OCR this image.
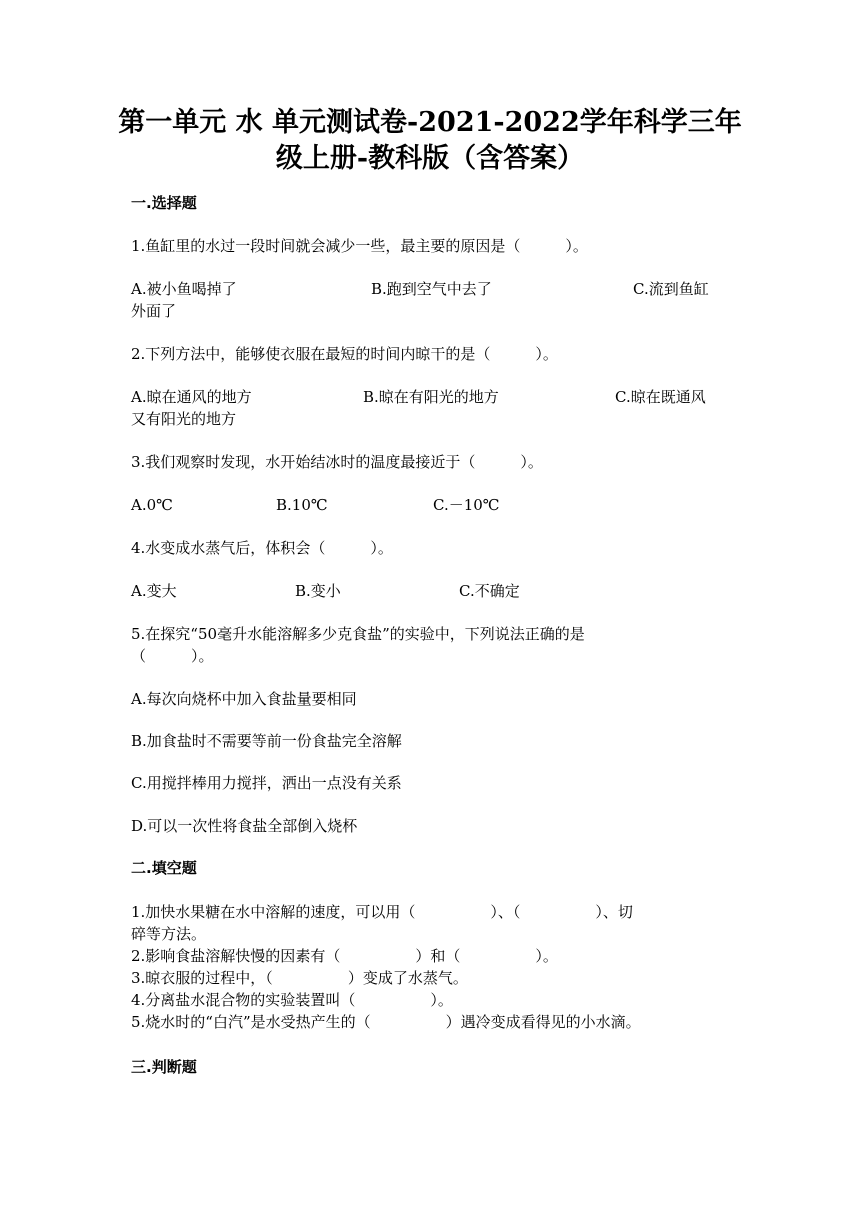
第一单元 水 单元测试卷-2021-2022学年科学三年
级上册-教科版（含答案）
一.选择题

1.鱼缸里的水过一段时间就会减少一些，最主要的原因是（　　　）。

A.被小鱼喝掉了	B.跑到空气中去了	C.流到鱼缸

外面了

2.下列方法中，能够使衣服在最短的时间内晾干的是（　　　）。

A.晾在通风的地方	B.晾在有阳光的地方	C.晾在既通风

又有阳光的地方

3.我们观察时发现，水开始结冰时的温度最接近于（　　　）。

A.0℃	B.10℃	C.－10℃

4.水变成水蒸气后，体积会（　　　）。

A.变大	B.变小	C.不确定

5.在探究“50毫升水能溶解多少克食盐”的实验中，下列说法正确的是

（　　　）。

A.每次向烧杯中加入食盐量要相同

B.加食盐时不需要等前一份食盐完全溶解

C.用搅拌棒用力搅拌，洒出一点没有关系

D.可以一次性将食盐全部倒入烧杯

二.填空题

1.加快水果糖在水中溶解的速度，可以用（　　　　　）、（　　　　　）、切

碎等方法。

2.影响食盐溶解快慢的因素有（　　　　　）和（　　　　　）。

3.晾衣服的过程中，（　　　　　）变成了水蒸气。

4.分离盐水混合物的实验装置叫（　　　　　）。

5.烧水时的“白汽”是水受热产生的（　　　　　）遇冷变成看得见的小水滴。

三.判断题
